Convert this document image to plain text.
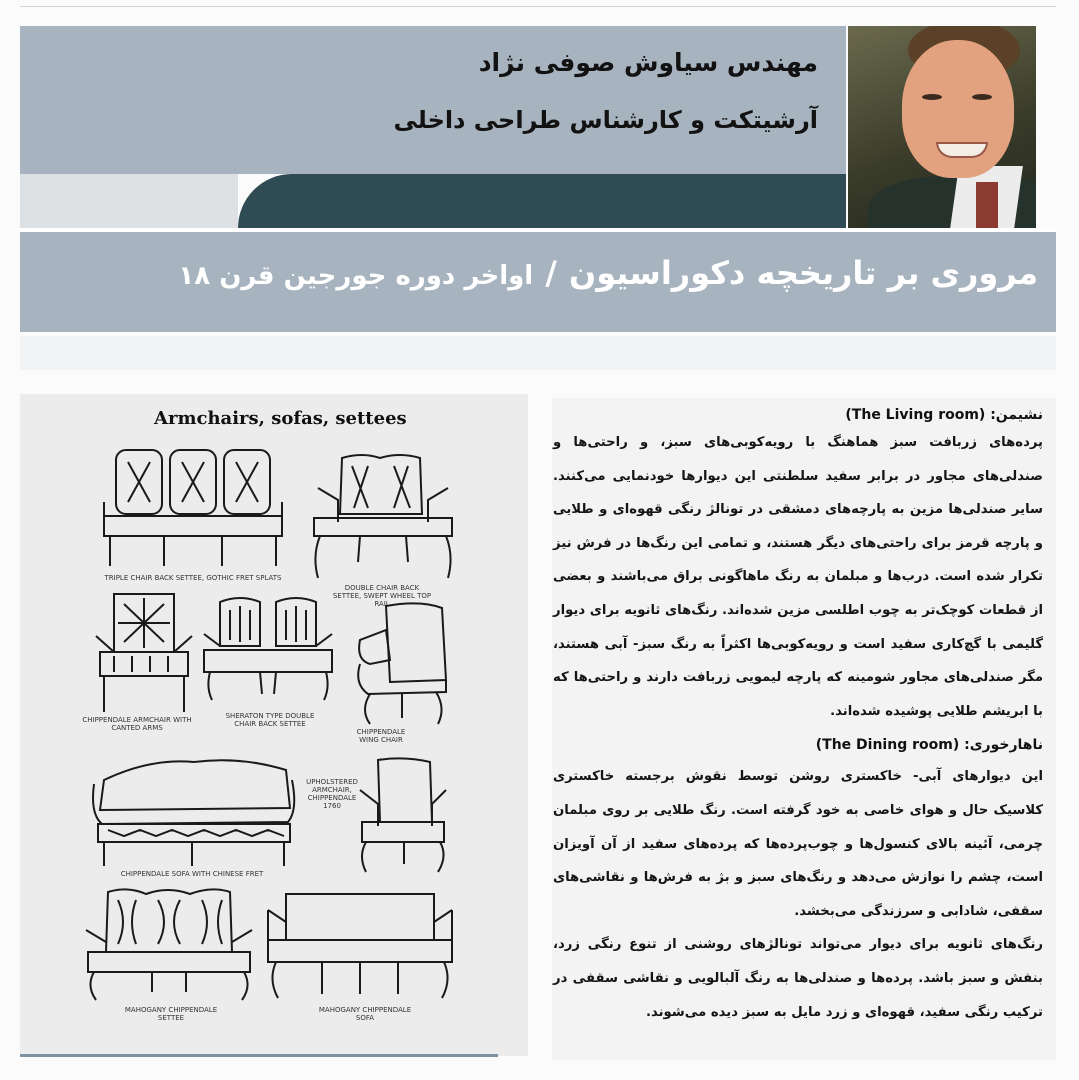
مهندس سیاوش صوفی نژاد
آرشیتکت و کارشناس طراحی داخلی
مروری بر تاریخچه دکوراسیون/اواخر دوره جورجین قرن ۱۸
Armchairs, sofas, settees
TRIPLE CHAIR BACK SETTEE, GOTHIC FRET SPLATS
DOUBLE CHAIR BACK SETTEE, SWEPT WHEEL TOP RAIL
CHIPPENDALE ARMCHAIR WITH CANTED ARMS
SHERATON TYPE DOUBLE CHAIR BACK SETTEE
CHIPPENDALE WING CHAIR
CHIPPENDALE SOFA WITH CHINESE FRET
UPHOLSTERED ARMCHAIR, CHIPPENDALE 1760
MAHOGANY CHIPPENDALE SETTEE
MAHOGANY CHIPPENDALE SOFA
نشیمن: (The Living room)

پرده‌های زربافت سبز هماهنگ با رویه‌کوبی‌های سبز، و راحتی‌ها و صندلی‌های مجاور در برابر سفید سلطنتی این دیوارها خودنمایی می‌کنند. سایر صندلی‌ها مزین به پارچه‌های دمشقی در تونالژ رنگی قهوه‌ای و طلایی و پارچه قرمز برای راحتی‌های دیگر هستند، و تمامی این رنگ‌ها در فرش نیز تکرار شده است. درب‌ها و مبلمان به رنگ ماهاگونی براق می‌باشند و بعضی از قطعات کوچک‌تر به چوب اطلسی مزین شده‌اند. رنگ‌های ثانویه برای دیوار گلیمی با گچ‌کاری سفید است و رویه‌کوبی‌ها اکثراً به رنگ سبز- آبی هستند، مگر صندلی‌های مجاور شومینه که پارچه لیمویی زربافت دارند و راحتی‌ها که با ابریشم طلایی پوشیده شده‌اند.

ناهارخوری: (The Dining room)

این دیوارهای آبی- خاکستری روشن توسط نقوش برجسته خاکستری کلاسیک حال و هوای خاصی به خود گرفته است. رنگ طلایی بر روی مبلمان چرمی، آئینه بالای کنسول‌ها و چوب‌پرده‌ها که پرده‌های سفید از آن آویزان است، چشم را نوازش می‌دهد و رنگ‌های سبز و بژ به فرش‌ها و نقاشی‌های سقفی، شادابی و سرزندگی می‌بخشد.

رنگ‌های ثانویه برای دیوار می‌تواند تونالژهای روشنی از تنوع رنگی زرد، بنفش و سبز باشد. پرده‌ها و صندلی‌ها به رنگ آلبالویی و نقاشی سقفی در ترکیب رنگی سفید، قهوه‌ای و زرد مایل به سبز دیده می‌شوند.
